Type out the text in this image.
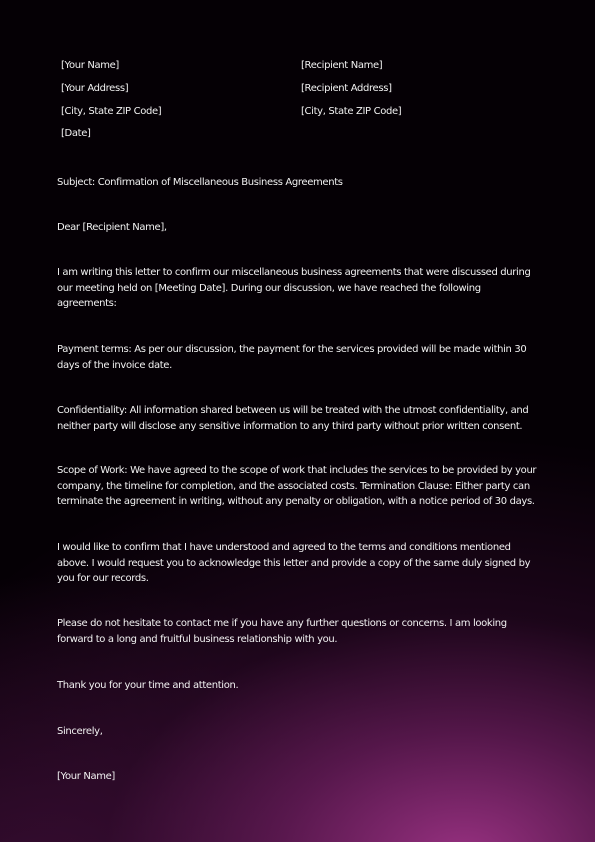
[Your Name]
[Your Address]
[City, State ZIP Code]
[Date]
[Recipient Name]
[Recipient Address]
[City, State ZIP Code]

Subject: Confirmation of Miscellaneous Business Agreements

Dear [Recipient Name],

I am writing this letter to confirm our miscellaneous business agreements that were discussed during
our meeting held on [Meeting Date]. During our discussion, we have reached the following
agreements:

Payment terms: As per our discussion, the payment for the services provided will be made within 30
days of the invoice date.

Confidentiality: All information shared between us will be treated with the utmost confidentiality, and
neither party will disclose any sensitive information to any third party without prior written consent.

Scope of Work: We have agreed to the scope of work that includes the services to be provided by your
company, the timeline for completion, and the associated costs. Termination Clause: Either party can
terminate the agreement in writing, without any penalty or obligation, with a notice period of 30 days.

I would like to confirm that I have understood and agreed to the terms and conditions mentioned
above. I would request you to acknowledge this letter and provide a copy of the same duly signed by
you for our records.

Please do not hesitate to contact me if you have any further questions or concerns. I am looking
forward to a long and fruitful business relationship with you.

Thank you for your time and attention.

Sincerely,

[Your Name]
